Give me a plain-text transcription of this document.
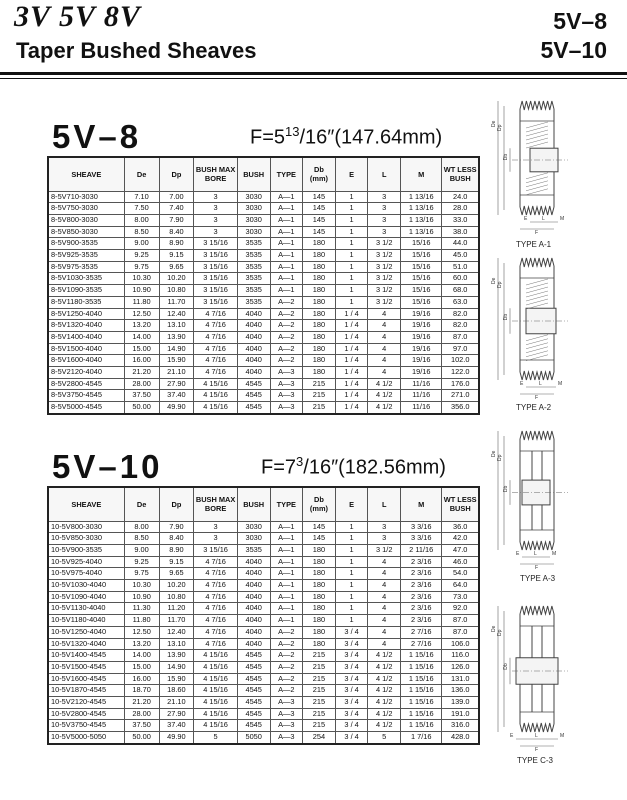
3V 5V 8V
Taper Bushed Sheaves
5V–8
5V–10
5V–8	$F=5^{13}/16''(147.64mm)$
SHEAVE	De	Dp	BUSH MAX BORE	BUSH	TYPE	Db (mm)	E	L	M	WT LESS BUSH
8-5V710-3030	7.10	7.00	3	3030	A—1	145	1	3	1 13/16	24.0
8-5V750-3030	7.50	7.40	3	3030	A—1	145	1	3	1 13/16	28.0
8-5V800-3030	8.00	7.90	3	3030	A—1	145	1	3	1 13/16	33.0
8-5V850-3030	8.50	8.40	3	3030	A—1	145	1	3	1 13/16	38.0
8-5V900-3535	9.00	8.90	3 15/16	3535	A—1	180	1	3 1/2	15/16	44.0
8-5V925-3535	9.25	9.15	3 15/16	3535	A—1	180	1	3 1/2	15/16	45.0
8-5V975-3535	9.75	9.65	3 15/16	3535	A—1	180	1	3 1/2	15/16	51.0
8-5V1030-3535	10.30	10.20	3 15/16	3535	A—1	180	1	3 1/2	15/16	60.0
8-5V1090-3535	10.90	10.80	3 15/16	3535	A—1	180	1	3 1/2	15/16	68.0
8-5V1180-3535	11.80	11.70	3 15/16	3535	A—2	180	1	3 1/2	15/16	63.0
8-5V1250-4040	12.50	12.40	4 7/16	4040	A—2	180	1 / 4	4	19/16	82.0
8-5V1320-4040	13.20	13.10	4 7/16	4040	A—2	180	1 / 4	4	19/16	82.0
8-5V1400-4040	14.00	13.90	4 7/16	4040	A—2	180	1 / 4	4	19/16	87.0
8-5V1500-4040	15.00	14.90	4 7/16	4040	A—2	180	1 / 4	4	19/16	97.0
8-5V1600-4040	16.00	15.90	4 7/16	4040	A—2	180	1 / 4	4	19/16	102.0
8-5V2120-4040	21.20	21.10	4 7/16	4040	A—3	180	1 / 4	4	19/16	122.0
8-5V2800-4545	28.00	27.90	4 15/16	4545	A—3	215	1 / 4	4 1/2	11/16	176.0
8-5V3750-4545	37.50	37.40	4 15/16	4545	A—3	215	1 / 4	4 1/2	11/16	271.0
8-5V5000-4545	50.00	49.90	4 15/16	4545	A—3	215	1 / 4	4 1/2	11/16	356.0
5V–10	$F=7^3/16''(182.56mm)$
SHEAVE	De	Dp	BUSH MAX BORE	BUSH	TYPE	Db (mm)	E	L	M	WT LESS BUSH
10-5V800-3030	8.00	7.90	3	3030	A—1	145	1	3	3 3/16	36.0
10-5V850-3030	8.50	8.40	3	3030	A—1	145	1	3	3 3/16	42.0
10-5V900-3535	9.00	8.90	3 15/16	3535	A—1	180	1	3 1/2	2 11/16	47.0
10-5V925-4040	9.25	9.15	4 7/16	4040	A—1	180	1	4	2 3/16	46.0
10-5V975-4040	9.75	9.65	4 7/16	4040	A—1	180	1	4	2 3/16	54.0
10-5V1030-4040	10.30	10.20	4 7/16	4040	A—1	180	1	4	2 3/16	64.0
10-5V1090-4040	10.90	10.80	4 7/16	4040	A—1	180	1	4	2 3/16	73.0
10-5V1130-4040	11.30	11.20	4 7/16	4040	A—1	180	1	4	2 3/16	92.0
10-5V1180-4040	11.80	11.70	4 7/16	4040	A—1	180	1	4	2 3/16	87.0
10-5V1250-4040	12.50	12.40	4 7/16	4040	A—2	180	3 / 4	4	2 7/16	87.0
10-5V1320-4040	13.20	13.10	4 7/16	4040	A—2	180	3 / 4	4	2 7/16	106.0
10-5V1400-4545	14.00	13.90	4 15/16	4545	A—2	215	3 / 4	4 1/2	1 15/16	116.0
10-5V1500-4545	15.00	14.90	4 15/16	4545	A—2	215	3 / 4	4 1/2	1 15/16	126.0
10-5V1600-4545	16.00	15.90	4 15/16	4545	A—2	215	3 / 4	4 1/2	1 15/16	131.0
10-5V1870-4545	18.70	18.60	4 15/16	4545	A—2	215	3 / 4	4 1/2	1 15/16	136.0
10-5V2120-4545	21.20	21.10	4 15/16	4545	A—3	215	3 / 4	4 1/2	1 15/16	139.0
10-5V2800-4545	28.00	27.90	4 15/16	4545	A—3	215	3 / 4	4 1/2	1 15/16	191.0
10-5V3750-4545	37.50	37.40	4 15/16	4545	A—3	215	3 / 4	4 1/2	1 15/16	316.0
10-5V5000-5050	50.00	49.90	5	5050	A—3	254	3 / 4	5	1 7/16	428.0
De
Dp
Db
F
L
E	M
TYPE A-1
De
Dp
Db
F
L
E	M
TYPE A-2
De
Dp
Db
F
L
E	M
TYPE A-3
De
Dp
Db
F
L
E	M
TYPE C-3
